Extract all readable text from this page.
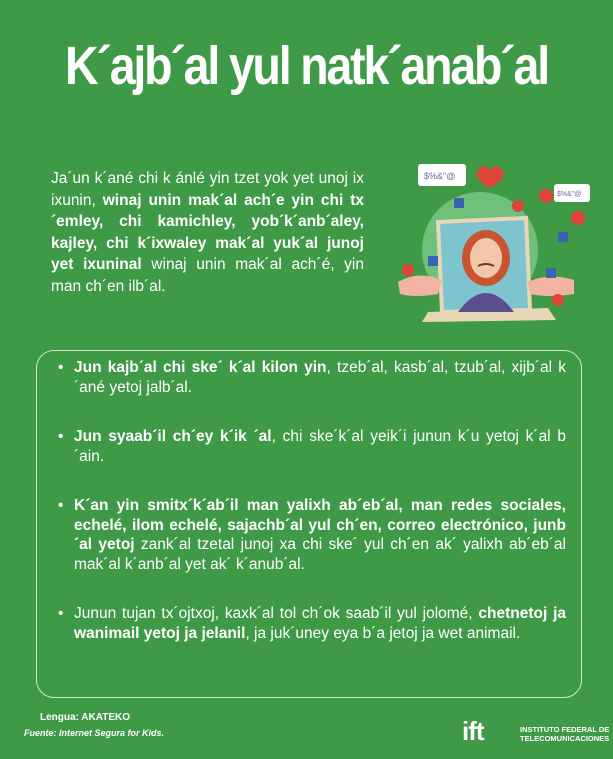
K´ajb´al yul natk´anab´al
Ja´un k´ané chi k ánlé yin tzet yok yet unoj ix ixunin, winaj unin mak´al ach´e yin chi tx´emley, chi kamichley, yob´k´anb´aley, kajley, chi k´ixwaley mak´al yuk´al junoj yet ixuninal winaj unin mak´al ach´é, yin man ch´en ilb´al.
$%&"@
$%&"@
• Jun kajb´al chi ske´ k´al kilon yin, tzeb´al, kasb´al, tzub´al, xijb´al k´ané yetoj jalb´al.
• Jun syaab´il ch´ey k´ik ´al, chi ske´k´al yeik´i junun k´u yetoj k´al b´ain.
• K´an yin smitx´k´ab´il man yalixh ab´eb´al, man redes sociales, echelé, ilom echelé, sajachb´al yul ch´en, correo electrónico, junb´al yetoj zank´al tzetal junoj xa chi ske´ yul ch´en ak´ yalixh ab´eb´al mak´al k´anb´al yet ak´ k´anub´al.
• Junun tujan tx´ojtxoj, kaxk´al tol ch´ok saab´il yul jolomé, chetnetoj ja wanimail yetoj ja jelanil, ja juk´uney eya b´a jetoj ja wet animail.
Lengua: AKATEKO
Fuente: Internet Segura for Kids.	ift	INSTITUTO FEDERAL DE
TELECOMUNICACIONES
